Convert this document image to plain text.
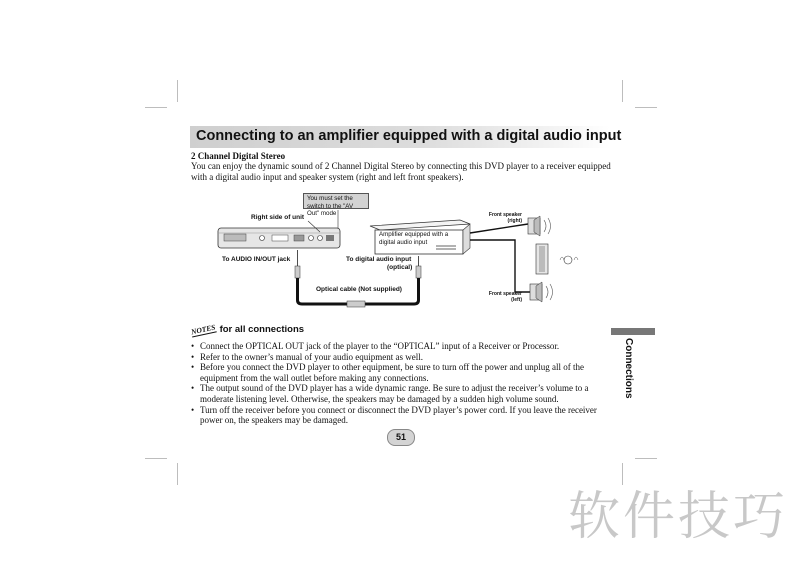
Connecting to an amplifier equipped with a digital audio input
2 Channel Digital Stereo
You can enjoy the dynamic sound of 2 Channel Digital Stereo by connecting this DVD player to a receiver equipped with a digital audio input and speaker system (right and left front speakers).
You must set the switch to the "AV Out" mode
Right side of unit
Amplifier equipped with a digital audio input
Front speaker (right)
Front speaker (left)
To AUDIO IN/OUT jack	To digital audio input
(optical)
Optical cable (Not supplied)
NOTES for all connections
• Connect the OPTICAL OUT jack of the player to the “OPTICAL” input of a Receiver or Processor.
• Refer to the owner’s manual of your audio equipment as well.
• Before you connect the DVD player to other equipment, be sure to turn off the power and unplug all of the equipment from the wall outlet before making any connections.
• The output sound of the DVD player has a wide dynamic range. Be sure to adjust the receiver’s volume to a moderate listening level. Otherwise, the speakers may be damaged by a sudden high volume sound.
• Turn off the receiver before you connect or disconnect the DVD player’s power cord. If you leave the receiver power on, the speakers may be damaged.
Connections
51
软件技巧
